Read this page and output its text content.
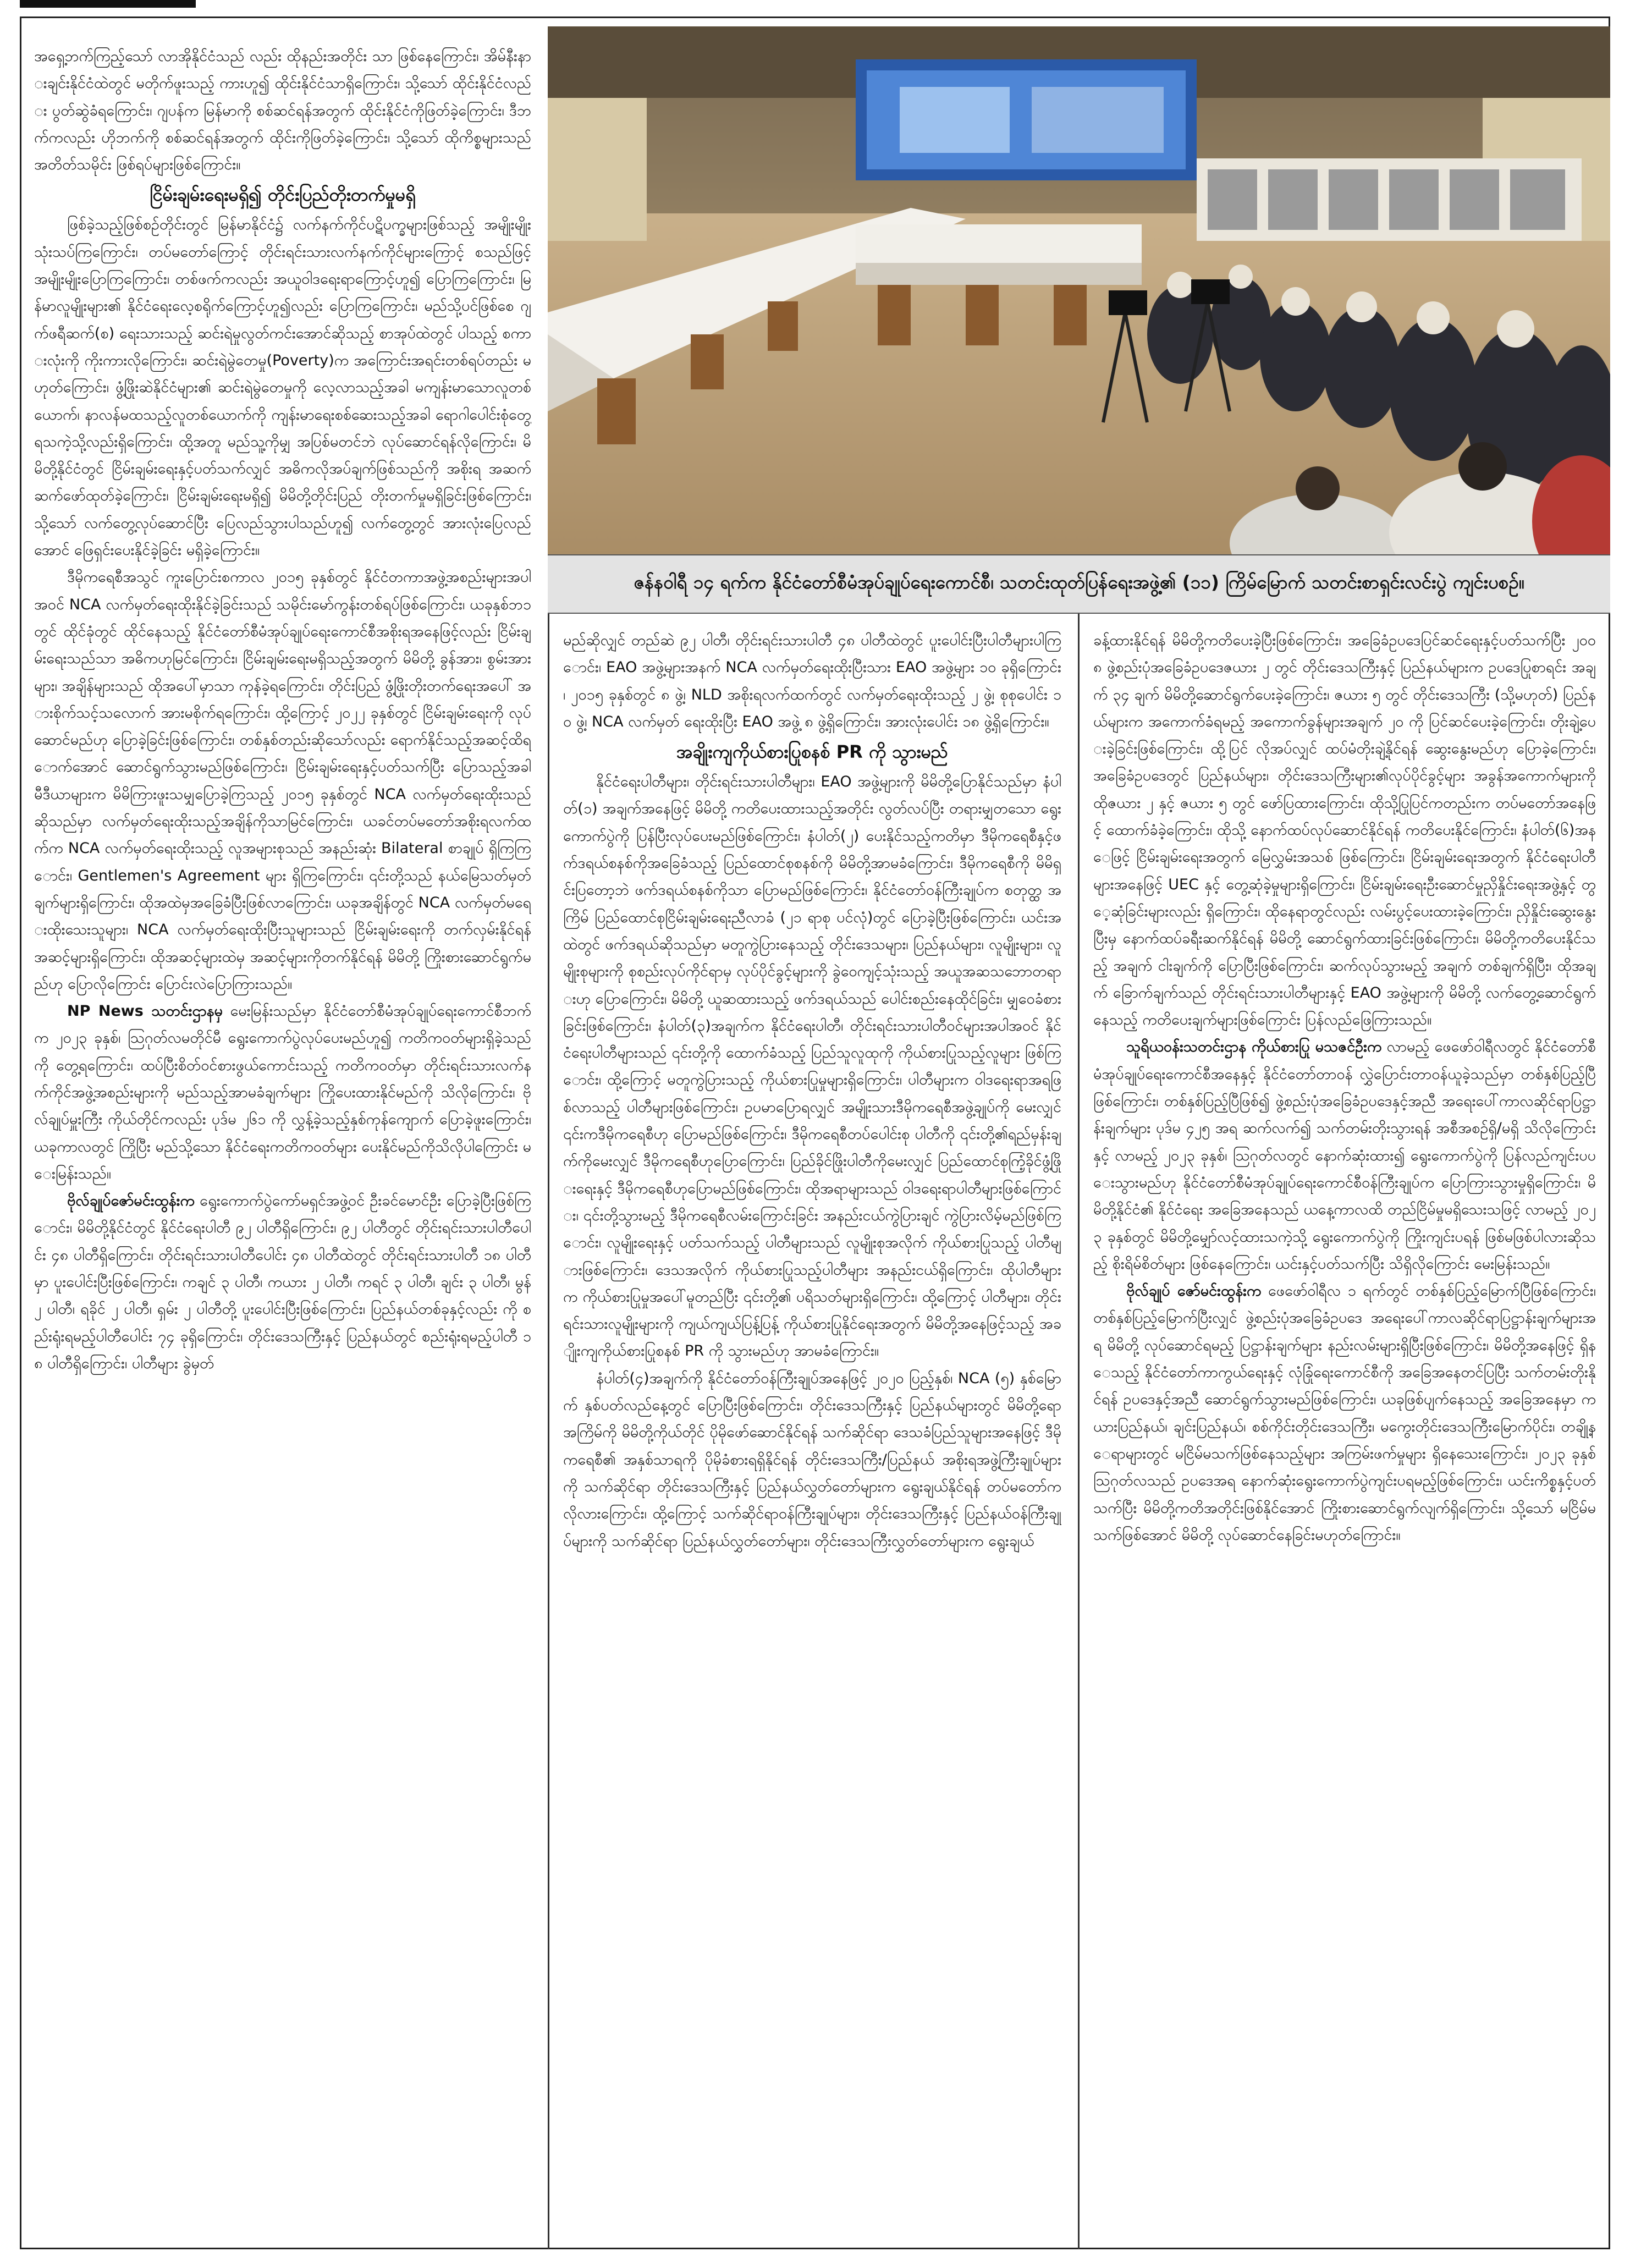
ဇန်နဝါရီ ၁၄ ရက်က နိုင်ငံတော်စီမံအုပ်ချုပ်ရေးကောင်စီ၊ သတင်းထုတ်ပြန်ရေးအဖွဲ့၏ (၁၁) ကြိမ်မြောက် သတင်းစာရှင်းလင်းပွဲ ကျင်းပစဉ်။

အရှေ့ဘက်ကြည့်သော် လာအိုနိုင်ငံသည် လည်း ထိုနည်းအတိုင်း သာ ဖြစ်နေကြောင်း၊ အိမ်နီးနားချင်းနိုင်ငံထဲတွင် မတိုက်ဖူးသည့် ကားဟူ၍ ထိုင်းနိုင်ငံသာရှိကြောင်း၊ သို့သော် ထိုင်းနိုင်ငံလည်း ပွတ်ဆွဲခံရကြောင်း၊ ဂျပန်က မြန်မာကို စစ်ဆင်ရန်အတွက် ထိုင်းနိုင်ငံကိုဖြတ်ခဲ့ကြောင်း၊ ဒီဘက်ကလည်း ဟိုဘက်ကို စစ်ဆင်ရန်အတွက် ထိုင်းကိုဖြတ်ခဲ့ကြောင်း၊ သို့သော် ထိုကိစ္စများသည် အတိတ်သမိုင်း ဖြစ်ရပ်များဖြစ်ကြောင်း။

ငြိမ်းချမ်းရေးမရှိ၍ တိုင်းပြည်တိုးတက်မှုမရှိ

ဖြစ်ခဲ့သည့်ဖြစ်စဉ်တိုင်းတွင် မြန်မာနိုင်ငံ၌ လက်နက်ကိုင်ပဋိပက္ခများဖြစ်သည့် အမျိုးမျိုးသုံးသပ်ကြကြောင်း၊ တပ်မတော်ကြောင့် တိုင်းရင်းသားလက်နက်ကိုင်များကြောင့် စသည်ဖြင့် အမျိုးမျိုးပြောကြကြောင်း၊ တစ်ဖက်ကလည်း အယူဝါဒရေးရာကြောင့်ဟူ၍ ပြောကြကြောင်း၊ မြန်မာလူမျိုးများ၏ နိုင်ငံရေးလေ့စရိုက်ကြောင့်ဟူ၍လည်း ပြောကြကြောင်း၊ မည်သို့ပင်ဖြစ်စေ ဂျက်ဖရီဆက်(စ) ရေးသားသည့် ဆင်းရဲမှုလွတ်ကင်းအောင်ဆိုသည့် စာအုပ်ထဲတွင် ပါသည့် စကားလုံးကို ကိုးကားလိုကြောင်း၊ ဆင်းရဲမွဲတေမှု(Poverty)က အကြောင်းအရင်းတစ်ရပ်တည်း မဟုတ်ကြောင်း၊ ဖွံ့ဖြိုးဆဲနိုင်ငံများ၏ ဆင်းရဲမွဲတေမှုကို လေ့လာသည့်အခါ မကျန်းမာသောလူတစ်ယောက်၊ နာလန်မထသည့်လူတစ်ယောက်ကို ကျန်းမာရေးစစ်ဆေးသည့်အခါ ရောဂါပေါင်းစုံတွေ့ရသကဲ့သို့လည်းရှိကြောင်း၊ ထို့အတူ မည်သူ့ကိုမျှ အပြစ်မတင်ဘဲ လုပ်ဆောင်ရန်လိုကြောင်း၊ မိမိတို့နိုင်ငံတွင် ငြိမ်းချမ်းရေးနှင့်ပတ်သက်လျှင် အဓိကလိုအပ်ချက်ဖြစ်သည်ကို အစိုးရ အဆက်ဆက်ဖော်ထုတ်ခဲ့ကြောင်း၊ ငြိမ်းချမ်းရေးမရှိ၍ မိမိတို့တိုင်းပြည် တိုးတက်မှုမရှိခြင်းဖြစ်ကြောင်း၊ သို့သော် လက်တွေ့လုပ်ဆောင်ပြီး ပြေလည်သွားပါသည်ဟူ၍ လက်တွေ့တွင် အားလုံးပြေလည်အောင် ဖြေရှင်းပေးနိုင်ခဲ့ခြင်း မရှိခဲ့ကြောင်း။

ဒီမိုကရေစီအသွင် ကူးပြောင်းစကာလ ၂၀၁၅ ခုနှစ်တွင် နိုင်ငံတကာအဖွဲ့အစည်းများအပါအဝင် NCA လက်မှတ်ရေးထိုးနိုင်ခဲ့ခြင်းသည် သမိုင်းမော်ကွန်းတစ်ရပ်ဖြစ်ကြောင်း၊ ယခုနှစ်ဘ၁ တွင် ထိုင်ခုံတွင် ထိုင်နေသည့် နိုင်ငံတော်စီမံအုပ်ချုပ်ရေးကောင်စီအစိုးရအနေဖြင့်လည်း ငြိမ်းချမ်းရေးသည်သာ အဓိကဟုမြင်ကြောင်း၊ ငြိမ်းချမ်းရေးမရှိသည့်အတွက် မိမိတို့ ခွန်အား၊ စွမ်းအားများ၊ အချိန်များသည် ထိုအပေါ်မှာသာ ကုန်ခဲ့ရကြောင်း၊ တိုင်းပြည် ဖွံ့ဖြိုးတိုးတက်ရေးအပေါ် အားစိုက်သင့်သလောက် အားမစိုက်ရကြောင်း၊ ထို့ကြောင့် ၂၀၂၂ ခုနှစ်တွင် ငြိမ်းချမ်းရေးကို လုပ်ဆောင်မည်ဟု ပြောခဲ့ခြင်းဖြစ်ကြောင်း၊ တစ်နှစ်တည်းဆိုသော်လည်း ရောက်နိုင်သည့်အဆင့်ထိရောက်အောင် ဆောင်ရွက်သွားမည်ဖြစ်ကြောင်း၊ ငြိမ်းချမ်းရေးနှင့်ပတ်သက်ပြီး ပြောသည့်အခါ မီဒီယာများက မိမိကြားဖူးသမျှပြောခဲ့ကြသည့် ၂၀၁၅ ခုနှစ်တွင် NCA လက်မှတ်ရေးထိုးသည်ဆိုသည်မှာ လက်မှတ်ရေးထိုးသည့်အချိန်ကိုသာမြင်ကြောင်း၊ ယခင်တပ်မတော်အစိုးရလက်ထက်က NCA လက်မှတ်ရေးထိုးသည့် လူအများစုသည် အနည်းဆုံး Bilateral စာချုပ် ရှိကြကြောင်း၊ Gentlemen's Agreement များ ရှိကြကြောင်း၊ ၎င်းတို့သည် နယ်မြေသတ်မှတ်ချက်များရှိကြောင်း၊ ထိုအထဲမှအခြေခံပြီးဖြစ်လာကြောင်း၊ ယခုအချိန်တွင် NCA လက်မှတ်မရေးထိုးသေးသူများ၊ NCA လက်မှတ်ရေးထိုးပြီးသူများသည် ငြိမ်းချမ်းရေးကို တက်လှမ်းနိုင်ရန် အဆင့်များရှိကြောင်း၊ ထိုအဆင့်များထဲမှ အဆင့်များကိုတက်နိုင်ရန် မိမိတို့ ကြိုးစားဆောင်ရွက်မည်ဟု ပြောလိုကြောင်း ပြောင်းလဲပြောကြားသည်။

NP News သတင်းဌာနမှ မေးမြန်းသည်မှာ နိုင်ငံတော်စီမံအုပ်ချုပ်ရေးကောင်စီဘက်က ၂၀၂၃ ခုနှစ်၊ ဩဂုတ်လမတိုင်မီ ရွေးကောက်ပွဲလုပ်ပေးမည်ဟူ၍ ကတိကဝတ်များရှိခဲ့သည်ကို တွေ့ရကြောင်း၊ ထပ်ပြီးစိတ်ဝင်စားဖွယ်ကောင်းသည့် ကတိကဝတ်မှာ တိုင်းရင်းသားလက်နက်ကိုင်အဖွဲ့အစည်းများကို မည်သည့်အာမခံချက်များ ကြိုပေးထားနိုင်မည်ကို သိလိုကြောင်း၊ ဗိုလ်ချုပ်မှူးကြီး ကိုယ်တိုင်ကလည်း ပုဒ်မ ၂၆၁ ကို လွှန့်ခဲ့သည့်နှစ်ကုန်ကျောက် ပြောခဲ့ဖူးကြောင်း၊ ယခုကာလတွင် ကြိုပြီး မည်သို့သော နိုင်ငံရေးကတိကဝတ်များ ပေးနိုင်မည်ကိုသိလိုပါကြောင်း မေးမြန်းသည်။

ဗိုလ်ချုပ်ဇော်မင်းထွန်းက ရွေးကောက်ပွဲကော်မရှင်အဖွဲ့ဝင် ဦးခင်မောင်ဦး ပြောခဲ့ပြီးဖြစ်ကြောင်း၊ မိမိတို့နိုင်ငံတွင် နိုင်ငံရေးပါတီ ၉၂ ပါတီရှိကြောင်း၊ ၉၂ ပါတီတွင် တိုင်းရင်းသားပါတီပေါင်း ၄၈ ပါတီရှိကြောင်း၊ တိုင်းရင်းသားပါတီပေါင်း ၄၈ ပါတီထဲတွင် တိုင်းရင်းသားပါတီ ၁၈ ပါတီမှာ ပူးပေါင်းပြီးဖြစ်ကြောင်း၊ ကချင် ၃ ပါတီ၊ ကယား ၂ ပါတီ၊ ကရင် ၃ ပါတီ၊ ချင်း ၃ ပါတီ၊ မွန် ၂ ပါတီ၊ ရခိုင် ၂ ပါတီ၊ ရှမ်း ၂ ပါတီတို့ ပူးပေါင်းပြီးဖြစ်ကြောင်း၊ ပြည်နယ်တစ်ခုနှင့်လည်း ကို စည်းရုံးရမည့်ပါတီပေါင်း ၇၄ ခုရှိကြောင်း၊ တိုင်းဒေသကြီးနှင့် ပြည်နယ်တွင် စည်းရုံးရမည့်ပါတီ ၁၈ ပါတီရှိကြောင်း၊ ပါတီများ ခွဲမှတ်

မည်ဆိုလျှင် တည်ဆဲ ၉၂ ပါတီ၊ တိုင်းရင်းသားပါတီ ၄၈ ပါတီထဲတွင် ပူးပေါင်းပြီးပါတီများပါကြောင်း၊ EAO အဖွဲ့များအနက် NCA လက်မှတ်ရေးထိုးပြီးသား EAO အဖွဲ့များ ၁၀ ခုရှိကြောင်း၊ ၂၀၁၅ ခုနှစ်တွင် ၈ ဖွဲ့၊ NLD အစိုးရလက်ထက်တွင် လက်မှတ်ရေးထိုးသည့် ၂ ဖွဲ့၊ စုစုပေါင်း ၁၀ ဖွဲ့၊ NCA လက်မှတ် ရေးထိုးပြီး EAO အဖွဲ့ ၈ ဖွဲ့ရှိကြောင်း၊ အားလုံးပေါင်း ၁၈ ဖွဲ့ရှိကြောင်း။

အချိုးကျကိုယ်စားပြုစနစ် PR ကို သွားမည်

နိုင်ငံရေးပါတီများ၊ တိုင်းရင်းသားပါတီများ၊ EAO အဖွဲ့များကို မိမိတို့ပြောနိုင်သည်မှာ နံပါတ်(၁) အချက်အနေဖြင့် မိမိတို့ ကတိပေးထားသည့်အတိုင်း လွတ်လပ်ပြီး တရားမျှတသော ရွေးကောက်ပွဲကို ပြန်ပြီးလုပ်ပေးမည်ဖြစ်ကြောင်း၊ နံပါတ်(၂) ပေးနိုင်သည့်ကတိမှာ ဒီမိုကရေစီနှင့်ဖက်ဒရယ်စနစ်ကိုအခြေခံသည့် ပြည်ထောင်စုစနစ်ကို မိမိတို့အာမခံကြောင်း၊ ဒီမိုကရေစီကို မိမိရှင်းပြတော့ဘဲ ဖက်ဒရယ်စနစ်ကိုသာ ပြောမည်ဖြစ်ကြောင်း၊ နိုင်ငံတော်ဝန်ကြီးချုပ်က စတုတ္ထ အကြိမ် ပြည်ထောင်စုငြိမ်းချမ်းရေးညီလာခံ (၂၁ ရာစု ပင်လုံ)တွင် ပြောခဲ့ပြီးဖြစ်ကြောင်း၊ ယင်းအထဲတွင် ဖက်ဒရယ်ဆိုသည်မှာ မတူကွဲပြားနေသည့် တိုင်းဒေသများ၊ ပြည်နယ်များ၊ လူမျိုးများ၊ လူမျိုးစုများကို စုစည်းလုပ်ကိုင်ရာမှ လုပ်ပိုင်ခွင့်များကို ခွဲဝေကျင့်သုံးသည့် အယူအဆသဘောတရားဟု ပြောကြောင်း၊ မိမိတို့ ယူဆထားသည့် ဖက်ဒရယ်သည် ပေါင်းစည်းနေထိုင်ခြင်း၊ မျှဝေခံစားခြင်းဖြစ်ကြောင်း၊ နံပါတ်(၃)အချက်က နိုင်ငံရေးပါတီ၊ တိုင်းရင်းသားပါတီဝင်များအပါအဝင် နိုင်ငံရေးပါတီများသည် ၎င်းတို့ကို ထောက်ခံသည့် ပြည်သူလူထုကို ကိုယ်စားပြုသည့်လူများ ဖြစ်ကြောင်း၊ ထို့ကြောင့် မတူကွဲပြားသည့် ကိုယ်စားပြုမှုများရှိကြောင်း၊ ပါတီများက ဝါဒရေးရာအရဖြစ်လာသည့် ပါတီများဖြစ်ကြောင်း၊ ဥပမာပြောရလျှင် အမျိုးသားဒီမိုကရေစီအဖွဲ့ချုပ်ကို မေးလျှင် ၎င်းကဒီမိုကရေစီဟု ပြောမည်ဖြစ်ကြောင်း၊ ဒီမိုကရေစီတပ်ပေါင်းစု ပါတီကို ၎င်းတို့၏ရည်မှန်းချက်ကိုမေးလျှင် ဒီမိုကရေစီဟုပြောကြောင်း၊ ပြည်ခိုင်ဖြိုးပါတီကိုမေးလျှင် ပြည်ထောင်စုကြံ့ခိုင်ဖွံ့ဖြိုးရေးနှင့် ဒီမိုကရေစီဟုပြောမည်ဖြစ်ကြောင်း၊ ထိုအရာများသည် ဝါဒရေးရာပါတီများဖြစ်ကြောင်း၊ ၎င်းတို့သွားမည့် ဒီမိုကရေစီလမ်းကြောင်းခြင်း အနည်းငယ်ကွဲပြားချင် ကွဲပြားလိမ့်မည်ဖြစ်ကြောင်း၊ လူမျိုးရေးနှင့် ပတ်သက်သည့် ပါတီများသည် လူမျိုးစုအလိုက် ကိုယ်စားပြုသည့် ပါတီများဖြစ်ကြောင်း၊ ဒေသအလိုက် ကိုယ်စားပြုသည့်ပါတီများ အနည်းငယ်ရှိကြောင်း၊ ထိုပါတီများက ကိုယ်စားပြုမှုအပေါ်မူတည်ပြီး ၎င်းတို့၏ ပရိသတ်များရှိကြောင်း၊ ထို့ကြောင့် ပါတီများ၊ တိုင်းရင်းသားလူမျိုးများကို ကျယ်ကျယ်ပြန့်ပြန့် ကိုယ်စားပြုနိုင်ရေးအတွက် မိမိတို့အနေဖြင့်သည့် အချိုးကျကိုယ်စားပြုစနစ် PR ကို သွားမည်ဟု အာမခံကြောင်း။

နံပါတ်(၄)အချက်ကို နိုင်ငံတော်ဝန်ကြီးချုပ်အနေဖြင့် ၂၀၂၀ ပြည့်နှစ်၊ NCA (၅) နှစ်မြောက် နှစ်ပတ်လည်နေ့တွင် ပြောပြီးဖြစ်ကြောင်း၊ တိုင်းဒေသကြီးနှင့် ပြည်နယ်များတွင် မိမိတို့ရောအကြိမ်ကို မိမိတို့ကိုယ်တိုင် ပိုမိုဖော်ဆောင်နိုင်ရန် သက်ဆိုင်ရာ ဒေသခံပြည်သူများအနေဖြင့် ဒီမိုကရေစီ၏ အနှစ်သာရကို ပိုမိုခံစားရရှိနိုင်ရန် တိုင်းဒေသကြီး/ပြည်နယ် အစိုးရအဖွဲ့ကြီးချုပ်များကို သက်ဆိုင်ရာ တိုင်းဒေသကြီးနှင့် ပြည်နယ်လွှတ်တော်များက ရွေးချယ်နိုင်ရန် တပ်မတော်က လိုလားကြောင်း၊ ထို့ကြောင့် သက်ဆိုင်ရာဝန်ကြီးချုပ်များ၊ တိုင်းဒေသကြီးနှင့် ပြည်နယ်ဝန်ကြီးချုပ်များကို သက်ဆိုင်ရာ ပြည်နယ်လွှတ်တော်များ၊ တိုင်းဒေသကြီးလွှတ်တော်များက ရွေးချယ်

ခန့်ထားနိုင်ရန် မိမိတို့ကတိပေးခဲ့ပြီးဖြစ်ကြောင်း၊ အခြေခံဥပဒေပြင်ဆင်ရေးနှင့်ပတ်သက်ပြီး ၂၀၀၈ ဖွဲ့စည်းပုံအခြေခံဥပဒေဇယား ၂ တွင် တိုင်းဒေသကြီးနှင့် ပြည်နယ်များက ဥပဒေပြုစာရင်း အချက် ၃၄ ချက် မိမိတို့ဆောင်ရွက်ပေးခဲ့ကြောင်း၊ ဇယား ၅ တွင် တိုင်းဒေသကြီး (သို့မဟုတ်) ပြည်နယ်များက အကောက်ခံရမည့် အကောက်ခွန်များအချက် ၂၀ ကို ပြင်ဆင်ပေးခဲ့ကြောင်း၊ တိုးချဲ့ပေးခဲ့ခြင်းဖြစ်ကြောင်း၊ ထို့ပြင် လိုအပ်လျှင် ထပ်မံတိုးချဲ့နိုင်ရန် ဆွေးနွေးမည်ဟု ပြောခဲ့ကြောင်း၊ အခြေခံဥပဒေတွင် ပြည်နယ်များ၊ တိုင်းဒေသကြီးများ၏လုပ်ပိုင်ခွင့်များ အခွန်အကောက်များကို ထိုဇယား ၂ နှင့် ဇယား ၅ တွင် ဖော်ပြထားကြောင်း၊ ထိုသို့ပြုပြင်ကတည်းက တပ်မတော်အနေဖြင့် ထောက်ခံခဲ့ကြောင်း၊ ထိုသို့ နောက်ထပ်လုပ်ဆောင်နိုင်ရန် ကတိပေးနိုင်ကြောင်း၊ နံပါတ်(၆)အနေဖြင့် ငြိမ်းချမ်းရေးအတွက် မြေလွှမ်းအသစ် ဖြစ်ကြောင်း၊ ငြိမ်းချမ်းရေးအတွက် နိုင်ငံရေးပါတီများအနေဖြင့် UEC နှင့် တွေ့ဆုံခဲ့မှုများရှိကြောင်း၊ ငြိမ်းချမ်းရေးဦးဆောင်မှုညှိနှိုင်းရေးအဖွဲ့နှင့် တွေ့ဆုံခြင်းများလည်း ရှိကြောင်း၊ ထိုနေရာတွင်လည်း လမ်းပွင့်ပေးထားခဲ့ကြောင်း၊ ညှိနှိုင်းဆွေးနွေးပြီးမှ နောက်ထပ်ခရီးဆက်နိုင်ရန် မိမိတို့ ဆောင်ရွက်ထားခြင်းဖြစ်ကြောင်း၊ မိမိတို့ကတိပေးနိုင်သည့် အချက် ငါးချက်ကို ပြောပြီးဖြစ်ကြောင်း၊ ဆက်လုပ်သွားမည့် အချက် တစ်ချက်ရှိပြီး၊ ထိုအချက် ခြောက်ချက်သည် တိုင်းရင်းသားပါတီများနှင့် EAO အဖွဲ့များကို မိမိတို့ လက်တွေ့ဆောင်ရွက်နေသည့် ကတိပေးချက်များဖြစ်ကြောင်း ပြန်လည်ဖြေကြားသည်။

သူရိယဝန်းသတင်းဌာန ကိုယ်စားပြု မသဇင်ဦးက လာမည့် ဖေဖော်ဝါရီလတွင် နိုင်ငံတော်စီမံအုပ်ချုပ်ရေးကောင်စီအနေနှင့် နိုင်ငံတော်တာဝန် လွှဲပြောင်းတာဝန်ယူခဲ့သည်မှာ တစ်နှစ်ပြည့်ပြီဖြစ်ကြောင်း၊ တစ်နှစ်ပြည့်ပြီဖြစ်၍ ဖွဲ့စည်းပုံအခြေခံဥပဒေနှင့်အညီ အရေးပေါ်ကာလဆိုင်ရာပြဋ္ဌာန်းချက်များ ပုဒ်မ ၄၂၅ အရ ဆက်လက်၍ သက်တမ်းတိုးသွားရန် အစီအစဉ်ရှိ/မရှိ သိလိုကြောင်းနှင့် လာမည့် ၂၀၂၃ ခုနှစ်၊ ဩဂုတ်လတွင် နောက်ဆုံးထား၍ ရွေးကောက်ပွဲကို ပြန်လည်ကျင်းပပေးသွားမည်ဟု နိုင်ငံတော်စီမံအုပ်ချုပ်ရေးကောင်စီဝန်ကြီးချုပ်က ပြောကြားသွားမှုရှိကြောင်း၊ မိမိတို့နိုင်ငံ၏ နိုင်ငံရေး အခြေအနေသည် ယနေ့ကာလထိ တည်ငြိမ်မှုမရှိသေးသဖြင့် လာမည့် ၂၀၂၃ ခုနှစ်တွင် မိမိတို့မျှော်လင့်ထားသကဲ့သို့ ရွေးကောက်ပွဲကို ကြိုးကျင်းပရန် ဖြစ်မဖြစ်ပါလားဆိုသည့် စိုးရိမ်စိတ်များ ဖြစ်နေကြောင်း၊ ယင်းနှင့်ပတ်သက်ပြီး သိရှိလိုကြောင်း မေးမြန်းသည်။

ဗိုလ်ချုပ် ဇော်မင်းထွန်းက ဖေဖော်ဝါရီလ ၁ ရက်တွင် တစ်နှစ်ပြည့်မြောက်ပြီဖြစ်ကြောင်း၊ တစ်နှစ်ပြည့်မြောက်ပြီးလျှင် ဖွဲ့စည်းပုံအခြေခံဥပဒေ အရေးပေါ်ကာလဆိုင်ရာပြဋ္ဌာန်းချက်များအရ မိမိတို့ လုပ်ဆောင်ရမည့် ပြဋ္ဌာန်းချက်များ နည်းလမ်းများရှိပြီးဖြစ်ကြောင်း၊ မိမိတို့အနေဖြင့် ရှိနေသည့် နိုင်ငံတော်ကာကွယ်ရေးနှင့် လုံခြုံရေးကောင်စီကို အခြေအနေတင်ပြပြီး သက်တမ်းတိုးနိုင်ရန် ဥပဒေနှင့်အညီ ဆောင်ရွက်သွားမည်ဖြစ်ကြောင်း၊ ယခုဖြစ်ပျက်နေသည့် အခြေအနေမှာ ကယားပြည်နယ်၊ ချင်းပြည်နယ်၊ စစ်ကိုင်းတိုင်းဒေသကြီး၊ မကွေးတိုင်းဒေသကြီးမြောက်ပိုင်း၊ တချို့နေရာများတွင် မငြိမ်မသက်ဖြစ်နေသည့်များ အကြမ်းဖက်မှုများ ရှိနေသေးကြောင်း၊ ၂၀၂၃ ခုနှစ် ဩဂုတ်လသည် ဥပဒေအရ နောက်ဆုံးရွေးကောက်ပွဲကျင်းပရမည့်ဖြစ်ကြောင်း၊ ယင်းကိစ္စနှင့်ပတ်သက်ပြီး မိမိတို့ကတိအတိုင်းဖြစ်နိုင်အောင် ကြိုးစားဆောင်ရွက်လျက်ရှိကြောင်း၊ သို့သော် မငြိမ်မသက်ဖြစ်အောင် မိမိတို့ လုပ်ဆောင်နေခြင်းမဟုတ်ကြောင်း။
